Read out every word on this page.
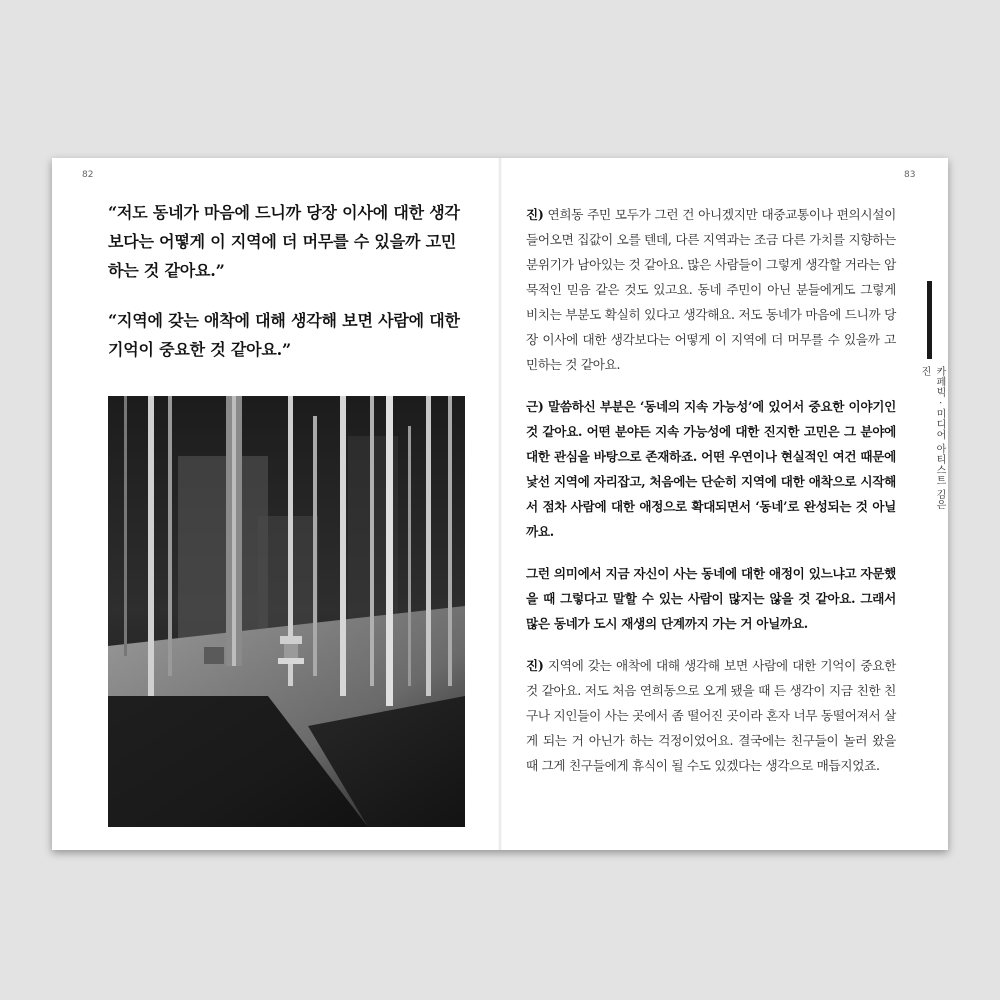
82
“저도 동네가 마음에 드니까 당장 이사에 대한 생각보다는 어떻게 이 지역에 더 머무를 수 있을까 고민하는 것 같아요.”
“지역에 갖는 애착에 대해 생각해 보면 사람에 대한 기억이 중요한 것 같아요.”
83

진) 연희동 주민 모두가 그런 건 아니겠지만 대중교통이나 편의시설이 들어오면 집값이 오를 텐데, 다른 지역과는 조금 다른 가치를 지향하는 분위기가 남아있는 것 같아요. 많은 사람들이 그렇게 생각할 거라는 암묵적인 믿음 같은 것도 있고요. 동네 주민이 아닌 분들에게도 그렇게 비치는 부분도 확실히 있다고 생각해요. 저도 동네가 마음에 드니까 당장 이사에 대한 생각보다는 어떻게 이 지역에 더 머무를 수 있을까 고민하는 것 같아요.

근) 말씀하신 부분은 ‘동네의 지속 가능성’에 있어서 중요한 이야기인 것 같아요. 어떤 분야든 지속 가능성에 대한 진지한 고민은 그 분야에 대한 관심을 바탕으로 존재하죠. 어떤 우연이나 현실적인 여건 때문에 낯선 지역에 자리잡고, 처음에는 단순히 지역에 대한 애착으로 시작해서 점차 사람에 대한 애정으로 확대되면서 ‘동네’로 완성되는 것 아닐까요.

그런 의미에서 지금 자신이 사는 동네에 대한 애정이 있느냐고 자문했을 때 그렇다고 말할 수 있는 사람이 많지는 않을 것 같아요. 그래서 많은 동네가 도시 재생의 단계까지 가는 거 아닐까요.

진) 지역에 갖는 애착에 대해 생각해 보면 사람에 대한 기억이 중요한 것 같아요. 저도 처음 연희동으로 오게 됐을 때 든 생각이 지금 친한 친구나 지인들이 사는 곳에서 좀 떨어진 곳이라 혼자 너무 동떨어져서 살게 되는 거 아닌가 하는 걱정이었어요. 결국에는 친구들이 놀러 왔을 때 그게 친구들에게 휴식이 될 수도 있겠다는 생각으로 매듭지었죠.

카페빅 · 미디어 아티스트 김은진
